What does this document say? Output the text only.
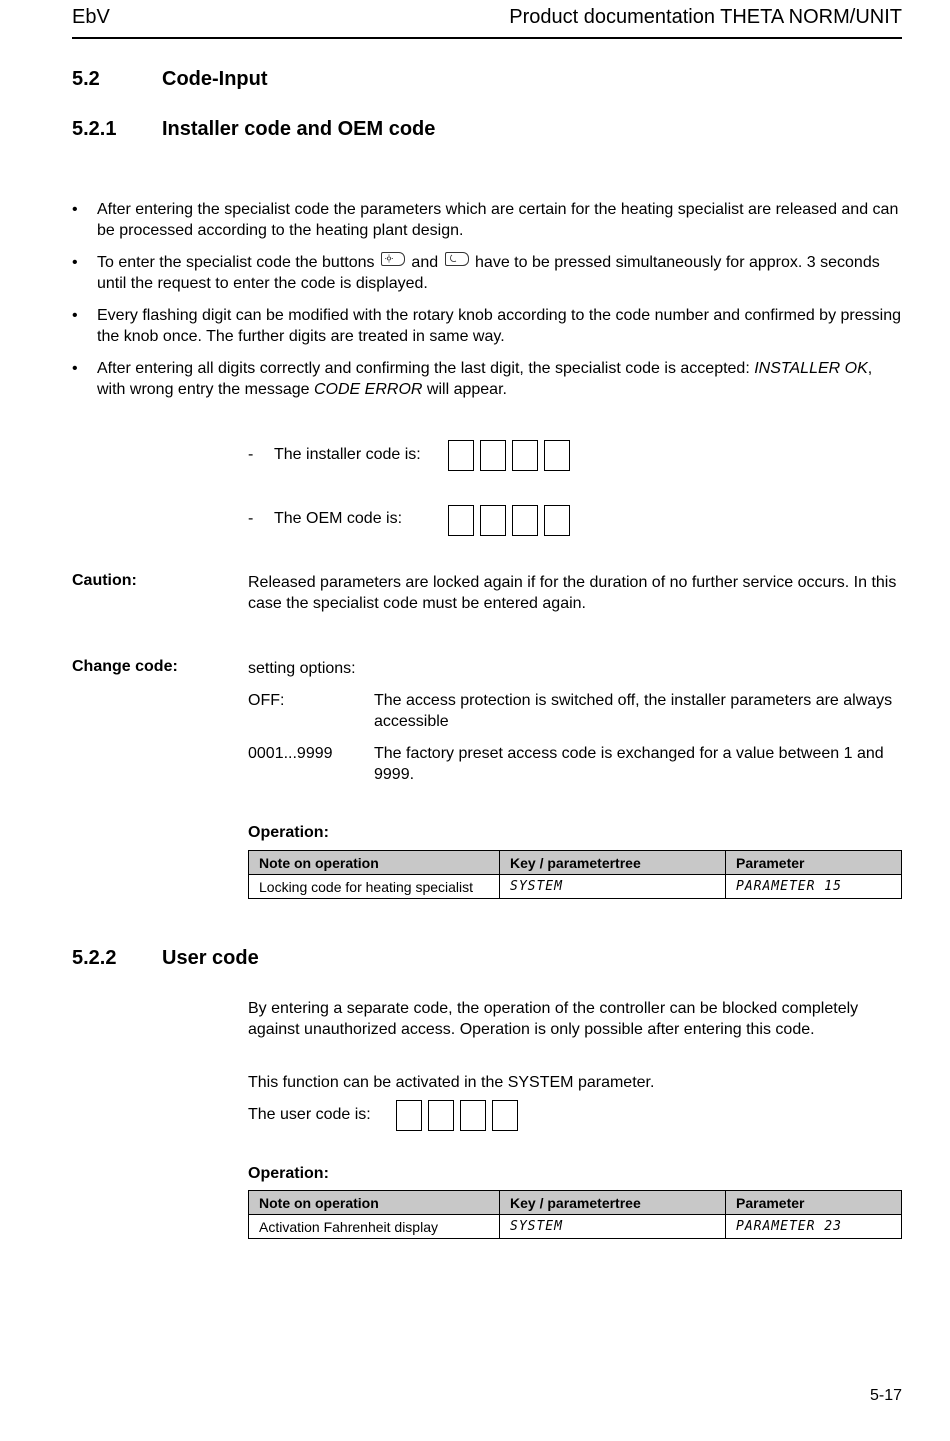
EbV	Product documentation THETA NORM/UNIT
5.2	Code-Input
5.2.1 Installer code and OEM code
• After entering the specialist code the parameters which are certain for the heating specialist are released and can be processed according to the heating plant design.
• To enter the specialist code the buttons and have to be pressed simultaneously for approx. 3 seconds until the request to enter the code is displayed.
• Every flashing digit can be modified with the rotary knob according to the code number and confirmed by pressing the knob once. The further digits are treated in same way.
• After entering all digits correctly and confirming the last digit, the specialist code is accepted: INSTALLER OK, with wrong entry the message CODE ERROR will appear.
- The installer code is:
- The OEM code is:
Caution:	Released parameters are locked again if for the duration of no further service occurs. In this case the specialist code must be entered again.
Change code:	setting options:
OFF:	The access protection is switched off, the installer parameters are always accessible
0001...9999	The factory preset access code is exchanged for a value between 1 and 9999.
Operation:
Note on operation	Key / parametertree	Parameter
Locking code for heating specialist	SYSTEM	PARAMETER 15
5.2.2 User code
By entering a separate code, the operation of the controller can be blocked completely against unauthorized access. Operation is only possible after entering this code.
This function can be activated in the SYSTEM parameter.
The user code is:
Operation:
Note on operation	Key / parametertree	Parameter
Activation Fahrenheit display	SYSTEM	PARAMETER 23
5-17
